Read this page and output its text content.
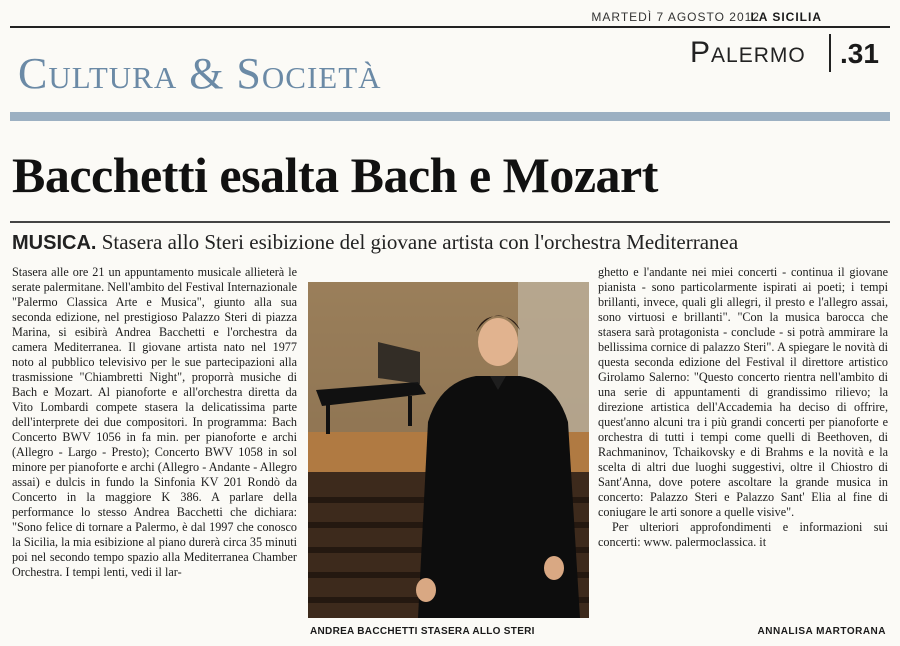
MARTEDÌ 7 AGOSTO 2012
LA SICILIA
Palermo .31
Cultura & Società
Bacchetti esalta Bach e Mozart
MUSICA. Stasera allo Steri esibizione del giovane artista con l'orchestra Mediterranea

Stasera alle ore 21 un appuntamento musicale allieterà le serate palermitane. Nell'ambito del Festival Internazionale "Palermo Classica Arte e Musica", giunto alla sua seconda edizione, nel prestigioso Palazzo Steri di piazza Marina, si esibirà Andrea Bacchetti e l'orchestra da camera Mediterranea. Il giovane artista nato nel 1977 noto al pubblico televisivo per le sue partecipazioni alla trasmissione "Chiambretti Night", proporrà musiche di Bach e Mozart. Al pianoforte e all'orchestra diretta da Vito Lombardi compete stasera la delicatissima parte dell'interprete dei due compositori. In programma: Bach Concerto BWV 1056 in fa min. per pianoforte e archi (Allegro - Largo - Presto); Concerto BWV 1058 in sol minore per pianoforte e archi (Allegro - Andante - Allegro assai) e dulcis in fundo la Sinfonia KV 201 Rondò da Concerto in la maggiore K 386. A parlare della performance lo stesso Andrea Bacchetti che dichiara: "Sono felice di tornare a Palermo, è dal 1997 che conosco la Sicilia, la mia esibizione al piano durerà circa 35 minuti poi nel secondo tempo spazio alla Mediterranea Chamber Orchestra. I tempi lenti, vedi il lar-

ANDREA BACCHETTI STASERA ALLO STERI

ghetto e l'andante nei miei concerti - continua il giovane pianista - sono particolarmente ispirati ai poeti; i tempi brillanti, invece, quali gli allegri, il presto e l'allegro assai, sono virtuosi e brillanti". "Con la musica barocca che stasera sarà protagonista - conclude - si potrà ammirare la bellissima cornice di palazzo Steri". A spiegare le novità di questa seconda edizione del Festival il direttore artistico Girolamo Salerno: "Questo concerto rientra nell'ambito di una serie di appuntamenti di grandissimo rilievo; la direzione artistica dell'Accademia ha deciso di offrire, quest'anno alcuni tra i più grandi concerti per pianoforte e orchestra di tutti i tempi come quelli di Beethoven, di Rachmaninov, Tchaikovsky e di Brahms e la novità e la scelta di altri due luoghi suggestivi, oltre il Chiostro di Sant'Anna, dove potere ascoltare la grande musica in concerto: Palazzo Steri e Palazzo Sant' Elia al fine di coniugare le arti sonore a quelle visive".

Per ulteriori approfondimenti e informazioni sui concerti: www. palermoclassica. it

ANNALISA MARTORANA
